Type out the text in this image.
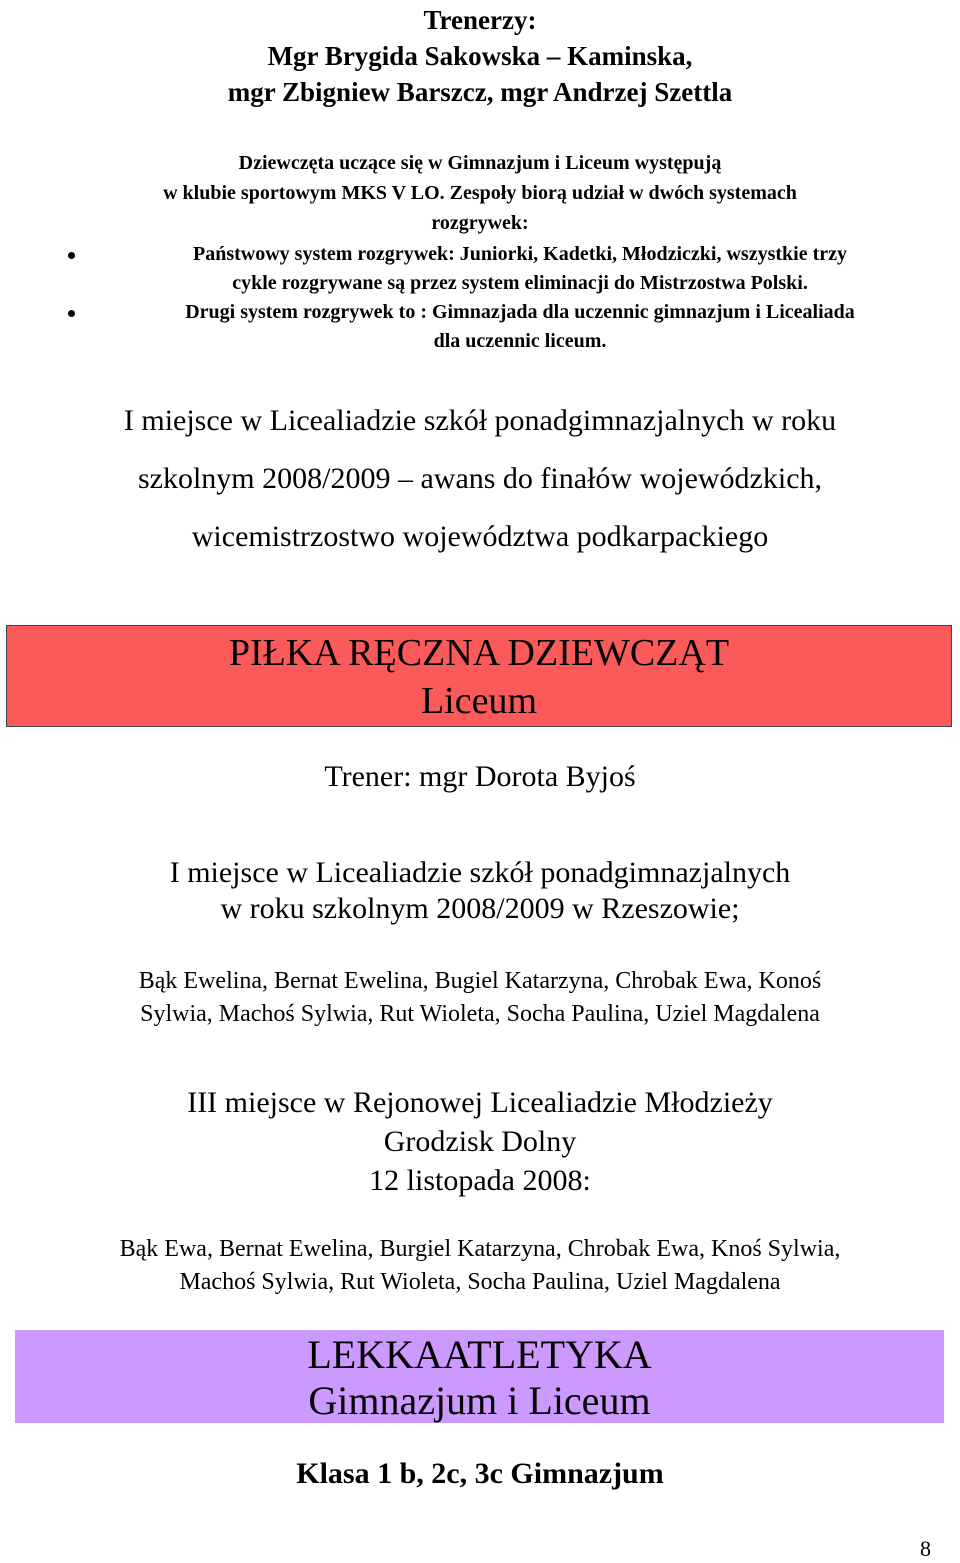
Trenerzy:
Mgr Brygida Sakowska – Kaminska,
mgr Zbigniew Barszcz, mgr Andrzej Szettla
Dziewczęta uczące się w Gimnazjum i Liceum występują
w klubie sportowym MKS V LO. Zespoły biorą udział w dwóch systemach
rozgrywek:
Państwowy system rozgrywek: Juniorki, Kadetki, Młodziczki, wszystkie trzy
cykle rozgrywane są przez system eliminacji do Mistrzostwa Polski.
Drugi system rozgrywek to : Gimnazjada dla uczennic gimnazjum i Licealiada
dla uczennic liceum.
I miejsce w Licealiadzie szkół ponadgimnazjalnych w roku
szkolnym 2008/2009 – awans do finałów wojewódzkich,
wicemistrzostwo województwa podkarpackiego
PIŁKA RĘCZNA DZIEWCZĄT
Liceum
Trener: mgr Dorota Byjoś
I miejsce w Licealiadzie szkół ponadgimnazjalnych
w roku szkolnym 2008/2009 w Rzeszowie;
Bąk Ewelina, Bernat Ewelina, Bugiel Katarzyna, Chrobak Ewa, Konoś
Sylwia, Machoś Sylwia, Rut Wioleta, Socha Paulina, Uziel Magdalena
III miejsce w Rejonowej Licealiadzie Młodzieży
Grodzisk Dolny
12 listopada 2008:
Bąk Ewa, Bernat Ewelina, Burgiel Katarzyna, Chrobak Ewa, Knoś Sylwia,
Machoś Sylwia, Rut Wioleta, Socha Paulina, Uziel Magdalena
LEKKAATLETYKA
Gimnazjum i Liceum
Klasa 1 b, 2c, 3c Gimnazjum
8
